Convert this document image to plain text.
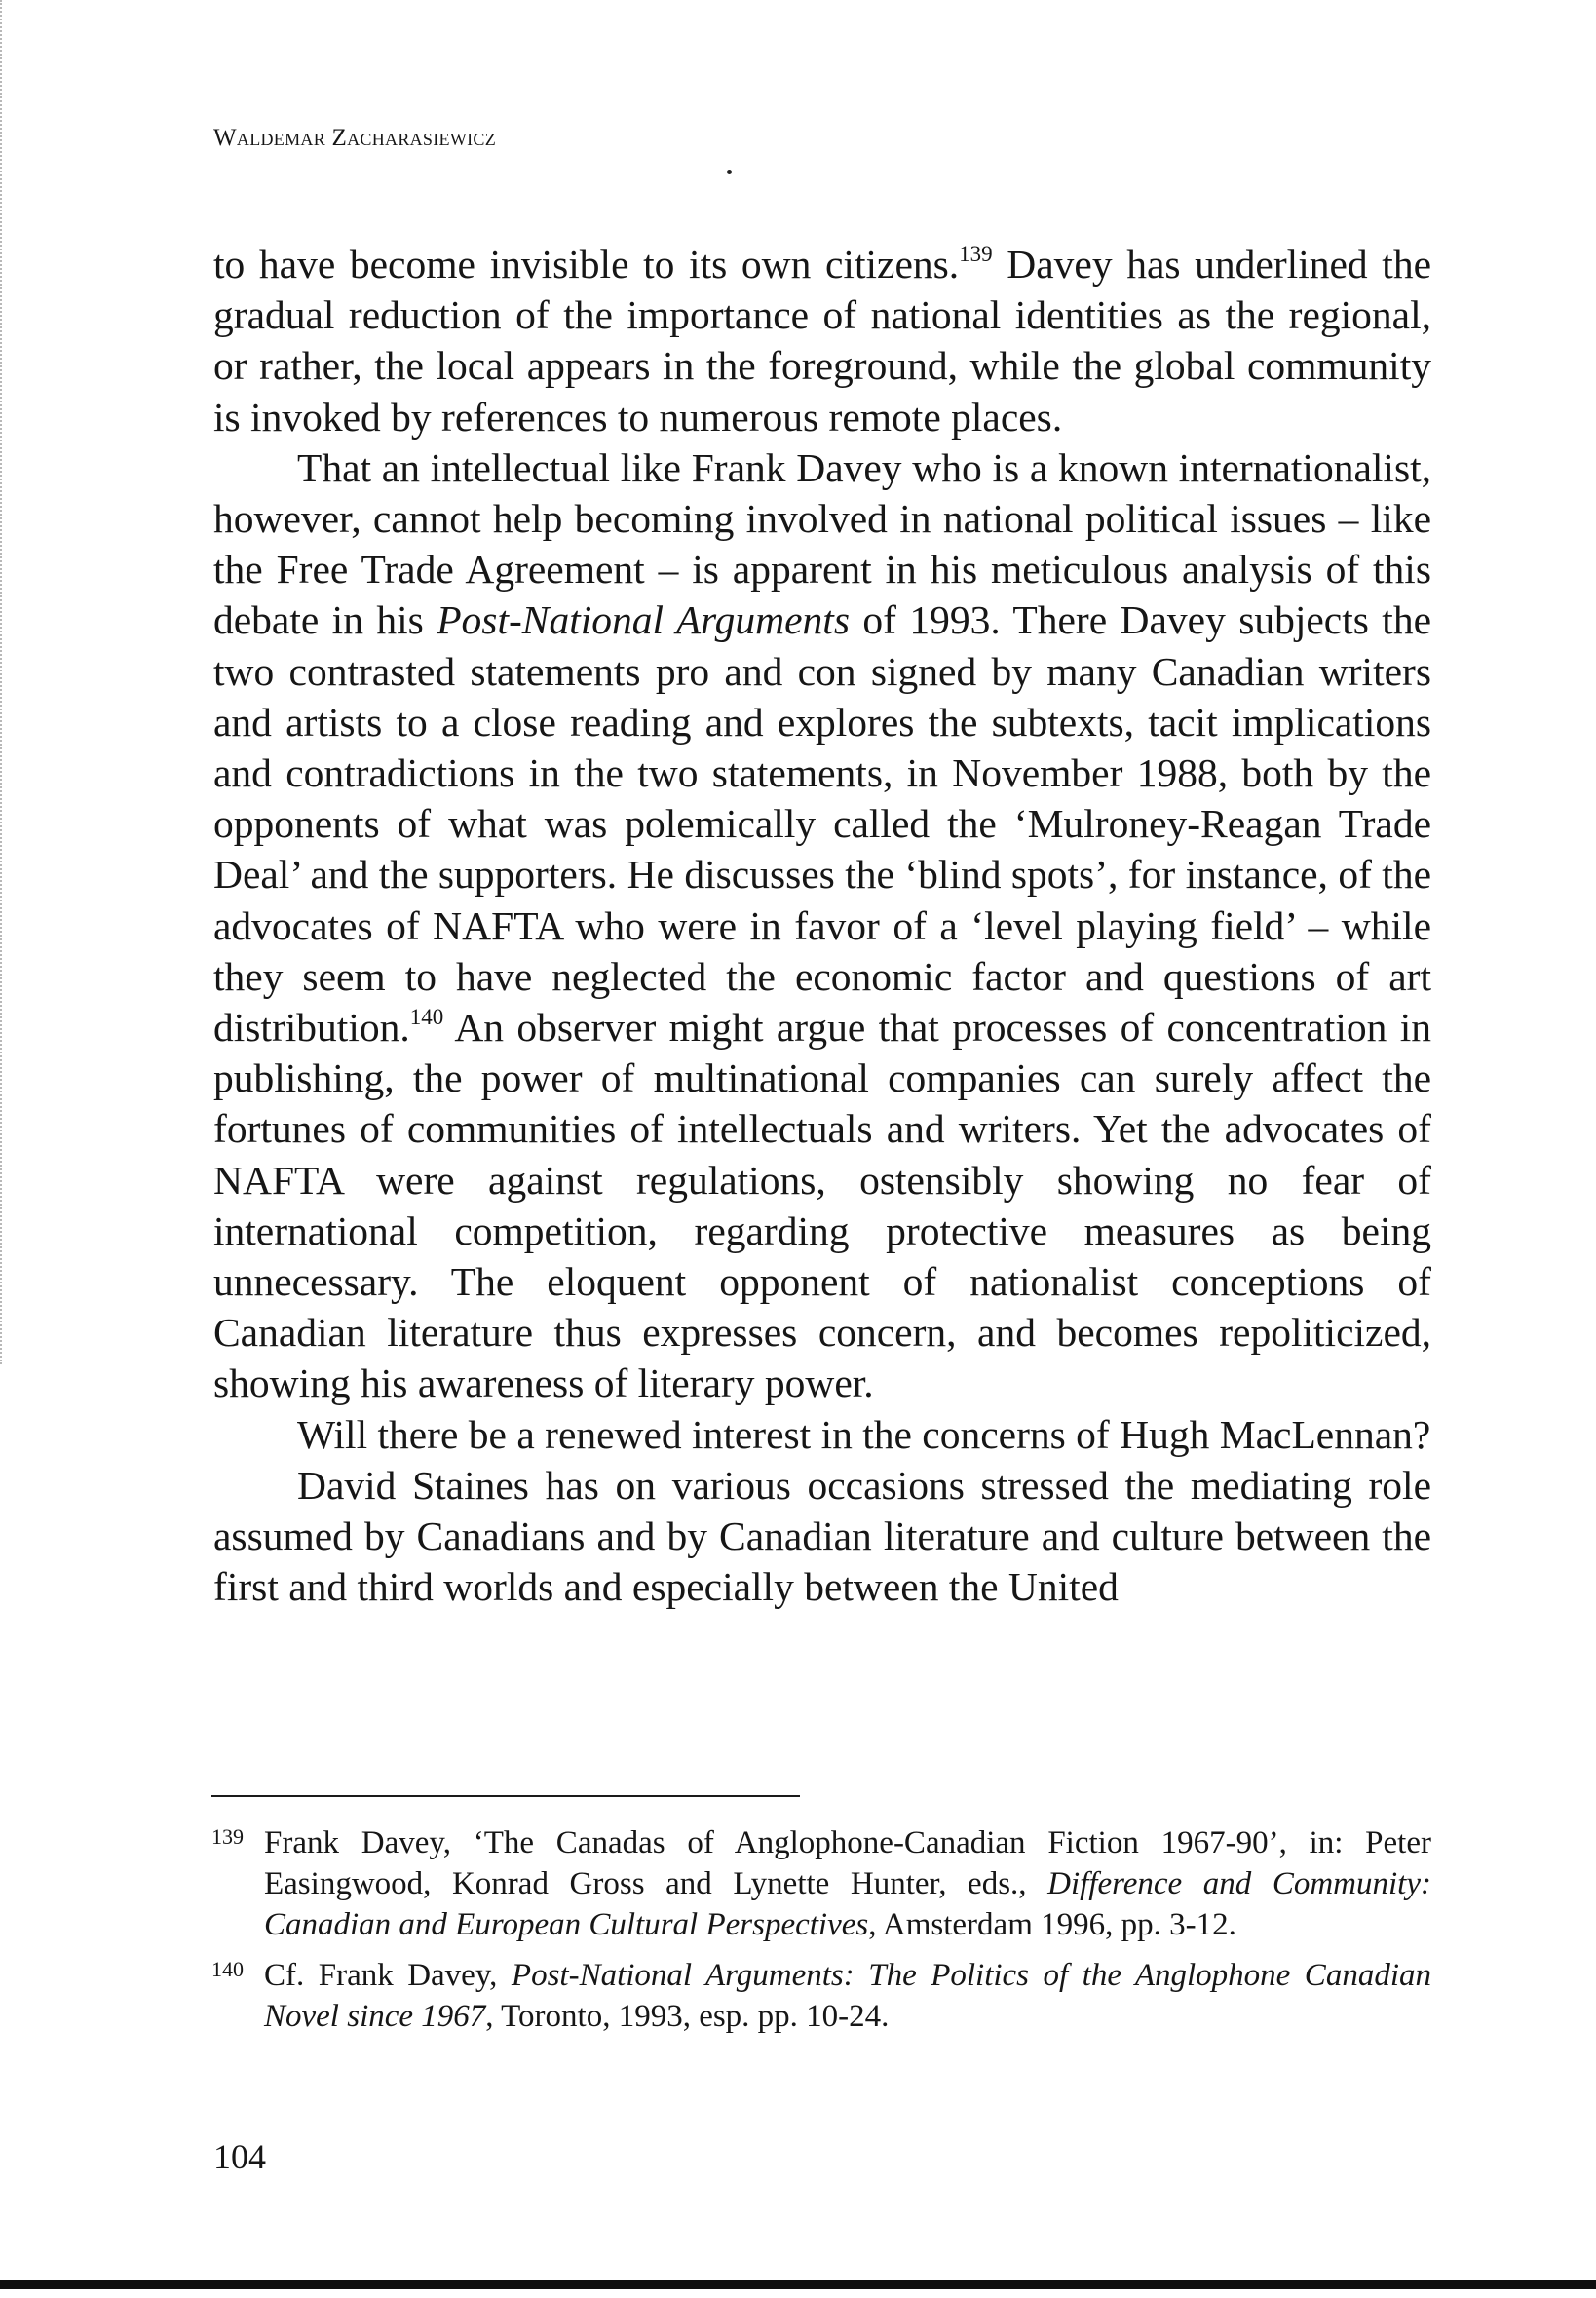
Waldemar Zacharasiewicz

to have become invisible to its own citizens.$^{139}$ Davey has underlined the gradual reduction of the importance of national identities as the regional, or rather, the local appears in the foreground, while the global community is invoked by references to numerous remote places.

That an intellectual like Frank Davey who is a known internationalist, however, cannot help becoming involved in national political issues – like the Free Trade Agreement – is apparent in his meticulous analysis of this debate in his Post-National Arguments of 1993. There Davey subjects the two contrasted statements pro and con signed by many Canadian writers and artists to a close reading and explores the subtexts, tacit implications and contradictions in the two statements, in November 1988, both by the opponents of what was polemically called the ‘Mulroney-Reagan Trade Deal’ and the supporters. He discusses the ‘blind spots’, for instance, of the advocates of NAFTA who were in favor of a ‘level playing field’ – while they seem to have neglected the economic factor and questions of art distribution.$^{140}$ An observer might argue that processes of concentration in publishing, the power of multinational companies can surely affect the fortunes of communities of intellectuals and writers. Yet the advocates of NAFTA were against regulations, ostensibly showing no fear of international competition, regarding protective measures as being unnecessary. The eloquent opponent of nationalist conceptions of Canadian literature thus expresses concern, and becomes repoliticized, showing his awareness of literary power.

Will there be a renewed interest in the concerns of Hugh MacLennan?

David Staines has on various occasions stressed the mediating role assumed by Canadians and by Canadian literature and culture between the first and third worlds and especially between the United

139 Frank Davey, ‘The Canadas of Anglophone-Canadian Fiction 1967-90’, in: Peter Easingwood, Konrad Gross and Lynette Hunter, eds., Difference and Community: Canadian and European Cultural Perspectives, Amsterdam 1996, pp. 3-12.
140 Cf. Frank Davey, Post-National Arguments: The Politics of the Anglophone Canadian Novel since 1967, Toronto, 1993, esp. pp. 10-24.
104
